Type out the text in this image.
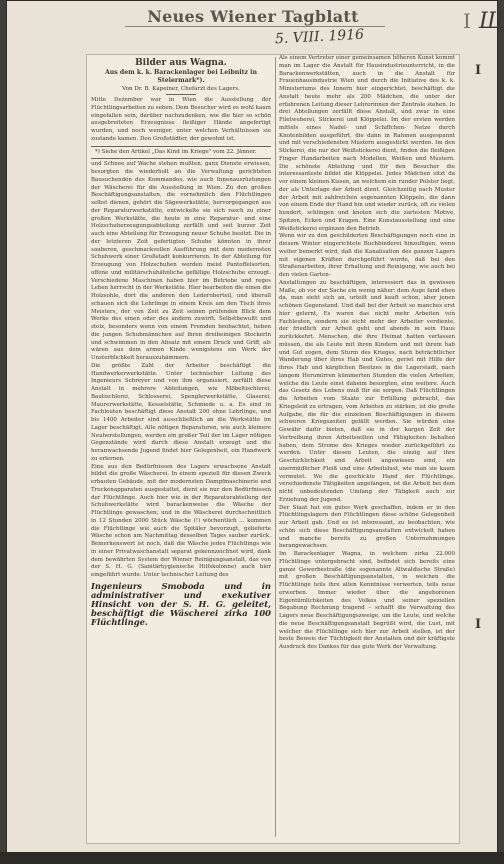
Neues Wiener Tagblatt
5. VIII. 1916
I Ш
I
I
Bilder aus Wagna.
Aus dem k. k. Barackenlager bei Leibnitz in Steiermark*).
Von Dr. B. Kapeiner, Chefarzt des Lagers.

Mitte Dezember war in Wien die Ausstellung der Flüchtlingsarbeiten zu sehen. Dem Besucher wird es wohl kaum eingefallen sein, darüber nachzudenken, wie die hier so schön ausgebreiteten Erzeugnisse fleißiger Hände angefertigt wurden, und noch weniger, unter welchen Verhältnissen sie zustande kamen. Den Großstädter, der gewohnt ist,

*) Siehe den Artikel „Das Kind im Kriege" vom 22. Jänner.

und Schnee auf Wache stehen mußten, ganz Dienste erwiesen, besorgten die wiederholt an die Verwaltung gerichteten Bausuchenden des Kommandos, wie auch Innenausrüstungen der Wäscherei für die Ausstellung in Wien. Zu den großen Beschäftigungsanstalten, die vornehmlich den Flüchtlingen selbst dienen, gehört die Sägewerkstätte, hervorgegangen aus der Reparaturwerkstätte, entwickelte sie sich rasch zu einer großen Werkstätte, die heute in eine Reparatur- und eine Holzschuherzeugungsabteilung zerfällt und seit kurzer Zeit auch eine Abteilung für Erzeugung neuer Schuhe besitzt. Die in der letzteren Zeit gefertigten Schuhe könnten in ihrer sauberen, geschmackvollen Ausführung mit dem modernsten Schuhwerk einer Großstadt konkurrieren. In der Abteilung für Erzeugung von Holzschuhen werden meist Pantoffelsorten, offene und militärschuhähnliche gefällige Holzschuhe erzeugt. Verschiedene Maschinen haben hier im Betriebe und reges Leben herrscht in der Werkstätte. Hier bearbeiten die einen die Holzsohle, dort die anderen den Lederoberteil, und überall schauen sich die Lehrlinge in einem Kreis um den Tisch ihres Meisters, der von Zeit zu Zeit seinen prüfenden Blick dem Werke des einen oder des andern zuwirft. Selbstbewußt und stolz, besonders wenn von einem Fremden beobachtet, heben die jungen Schuhmännchen auf ihren dreibeinigen Stockerln und schwimmen in den Absatz mit einem Druck und Griff, als wären aus dem armen Kinde wenigstens ein Werk der Unsterblichkeit herauszuhämmern.

Die größte Zahl der Arbeiter beschäftigt die Handwerkerwerkstätte. Unter technischer Leitung des Ingenieurs Schreyer und von ihm organisiert, zerfällt diese Anstalt in mehrere Abteilungen, wie Möbeltischlerei, Bautischlerei, Schlosserei, Spenglerwerkstätte, Glaserei, Maurerwerkstätte, Kesselstätte, Schmiede u. a. Es sind in Fachleuten beschäftigt diese Anstalt 200 ohne Lehrlinge, und bis 1400 Arbeiter sind ausschließlich an die Werkstätte im Lager beschäftigt. Alle nötigen Reparaturen, wie auch kleinere Neuherstellungen, werden ein großer Teil der im Lager nötigen Gegenstände wird durch diese Anstalt erzeugt und die heranwachsende Jugend findet hier Gelegenheit, ein Handwerk zu erlernen.

Eine aus den Bedürfnissen des Lagers erwachsene Anstalt bildet die große Wäscherei. In einem speziell für diesen Zweck erbauten Gebäude, mit der modernsten Dampfmaschinerie und Trockenapparaten ausgestattet, dient sie nur den Bedürfnissen der Flüchtlinge. Auch hier wie in der Reparaturabteilung der Schuhwerkstätte wird barackenweise die Wäsche der Flüchtlinge gewaschen; und in die Wäscherei durchschnittlich in 12 Stunden 2000 Stück Wäsche (!) wöchentlich ... kommen die Flüchtlinge wie auch die Spitäler bevorzugt, gelieferte Wäsche schon am Nachmittag desselben Tages sauber zurück. Bemerkenswert ist noch, daß die Wäsche jedes Flüchtlings wie in einer Privatwaschanstalt separat gekennzeichnet wird, dank dem bewährten System der Wiener Reinigungsanstalt, das von der S. H. G. (Sanitärhygienische Hilfskolonne) auch hier eingeführt wurde. Unter technischer Leitung des

Ingenieurs Smoboda und in administrativer und exekutiver Hinsicht von der S. H. G. geleitet, beschäftigt die Wäscherei zirka 100 Flüchtlinge.

Als einem Vertreter einer gemeinsamen höheren Kunst kommt man im Lager die Anstalt für Hausindustrieunterricht, in die Barackenwerkstätten, auch in die Anstalt für Frauenhausindustrie Wien und durch die Initiative des k. k. Ministeriums des Innern hier eingerichtet, beschäftigt die Anstalt heute mehr als 200 Mädchen, die unter der erfahrenen Leitung dieser Lehrerinnen der Zentrale stehen. In drei Abteilungen zerfällt diese Anstalt, und zwar in eine Filetweberei, Stickerei und Klöppelei. Im der ersten werden mittels eines Nadel- und Schiffchen- Netze durch Knotenbilden ausgeführt, die dann in Rahmen ausgespannt und mit verschiedensten Mustern ausgestickt werden. Im den Stickerei, die nur der Weißstickerei dient, finden die fleißigen Finger Handarbeiten nach Modellen, Weißen und Mustern. Die schönste Abteilung und für den Besucher die interessanteste bildet die Klöppelei. Jedes Mädchen sitzt da vor einem kleinen Kissen, an welchem ein runder Polster liegt, der als Unterlage der Arbeit dient. Gleichzeitig nach Muster der Arbeit mit zahlreichen sogenannten Klöppeln, die dann von einem Ende der Hand hin und wieder zurück, oft zu vielen hundert, schlingen und knoten sich die zartesten Motive, Spitzen, Ecken und Kragen. Eine Kunstausstellung und eine Weißstickerei ergänzen den Betrieb.

Wenn wir zu den geschilderten Beschäftigungen noch eine in diesem Winter eingerichtete Buchbinderei hinzufügen, wenn weiter bemerkt wird, daß die Kanalisation des ganzen Lagers mit eigenen Kräften durchgeführt wurde, daß bei den Straßenarbeiten, ihrer Erhaltung und Reinigung, wie auch bei den vielen Garten-

Anstaltungen zu beschäftigen, interessiert das in gewissen Maße, ob vor der Sache ein wenig näher; dem Auge fand eben da, man sieht sich an, urteilt und kauft schon, aber jenen schönen Gegenstand. Und daß bei der Arbeit so manches erst hier gelernt, Es waren das nicht mehr Arbeiten von Fachleuten, sondern sie nicht mehr der Arbeiter verdiente, der friedlich zur Arbeit geht und abends in sein Haus zurückkehrt. Menschen, die ihre Heimat hatten verlassen müssen, die als Leute mit ihren Kindern und mit ihrem hab und Gut zogen, dem Sturm des Krieges, nach beträchtlicher Wanderung über ihres Hab und Gutes, geriet mit Hilfe der ihres Hab und kärglichen Besitzes in die Lagerstadt, nach langem Herumirren kümmerten Stunden die vielen Arbeiten, welche die Leute einst daheim besorgten, eine weitere. Auch das Gesetz des Lebens muß für sie sorgen. Daß Flüchtlingen die Arbeiten vom Staate zur Erfüllung gebracht, das Kriegsleid zu ertragen, vom Arbeiten zu stärken, ist die große Aufgabe, die für die einzelnen Beschäftigungen in diesem schweren Kriegszeiten gefällt werden. Sie würden eine Gewähr dafür bieten, daß sie in der kargen Zeit der Vertreibung ihren Arbeitswillen und Fähigkeiten behalten haben, dem Strome des Krieges wieder zurückgeführt zu werden. Unter diesen Leuten, die einzig auf ihre Geschicklichkeit und Arbeit angewiesen sind, ein unermüdlicher Fleiß und eine Arbeitslust, wie man sie kaum vermutet. Wo die geschickte Hand der Flüchtlinge, verschiedenste Tätigkeiten angefangen, ist die Arbeit bei dem nicht unbedeutenden Umfang der Tätigkeit auch zur Erziehung der Jugend.

Der Staat hat ein gutes Werk geschaffen, indem er in den Flüchtlingslagern den Flüchtlingen diese schöne Gelegenheit zur Arbeit gab. Und es ist interessant, zu beobachten, wie schön sich diese Beschäftigungsanstalten entwickelt haben und manche bereits zu großen Unternehmungen herangewachsen.

Im Barackenlager Wagna, in welchem zirka 22.000 Flüchtlinge untergebracht sind, befindet sich bereits eine ganze Gewerbestraße (die sogenannte Altwaldische Straße) mit großen Beschäftigungsanstalten, in welchen die Flüchtlinge teils ihre alten Kenntnisse verwerten, teils neue erwerben. Immer wieder über die angeborenen Eigentümlichkeiten des Volkes und seiner speziellen Begabung Rechnung tragend – schafft die Verwaltung des Lagers neue Beschäftigungszweige, um die Leute, und welche die neue Beschäftigungsanstalt begrüßt wird, die Lust, mit welcher die Flüchtlinge sich hier zur Arbeit stellen, ist der beste Beweis der Tüchtigkeit der Anstalten und der kräftigste Ausdruck des Dankes für das gute Werk der Verwaltung.
